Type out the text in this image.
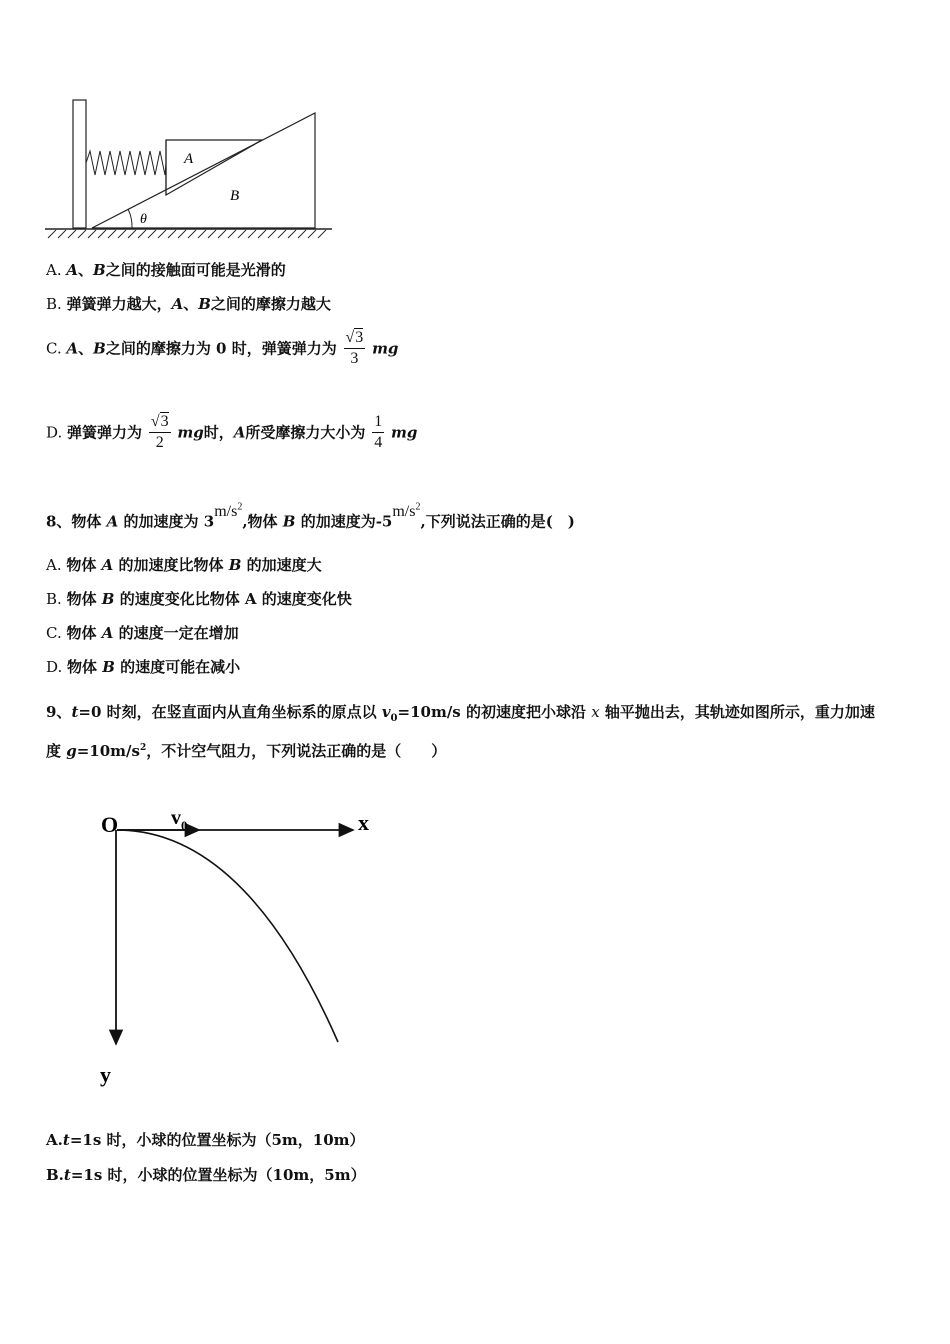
A
B
θ
A. A、B之间的接触面可能是光滑的
B. 弹簧弹力越大，A、B之间的摩擦力越大
C. A、B之间的摩擦力为 0 时，弹簧弹力为 $\frac{√3}{3}$ mg
D. 弹簧弹力为 $\frac{√3}{2}$ mg时，A所受摩擦力大小为 $\frac{1}{4}$ mg
8、物体 A 的加速度为 $3m/s^2$,物体 B 的加速度为$-5m/s^2$,下列说法正确的是(　)
A. 物体 A 的加速度比物体 B 的加速度大
B. 物体 B 的速度变化比物体 A 的速度变化快
C. 物体 A 的速度一定在增加
D. 物体 B 的速度可能在减小
9、t=0 时刻，在竖直面内从直角坐标系的原点以 $v_0=10m/s$ 的初速度把小球沿 x 轴平抛出去，其轨迹如图所示，重力加速
度 $g=10m/s^2$，不计空气阻力，下列说法正确的是（　　）
O	$v_0$	x
y
A.t=1s 时，小球的位置坐标为（5m，10m）
B.t=1s 时，小球的位置坐标为（10m，5m）
